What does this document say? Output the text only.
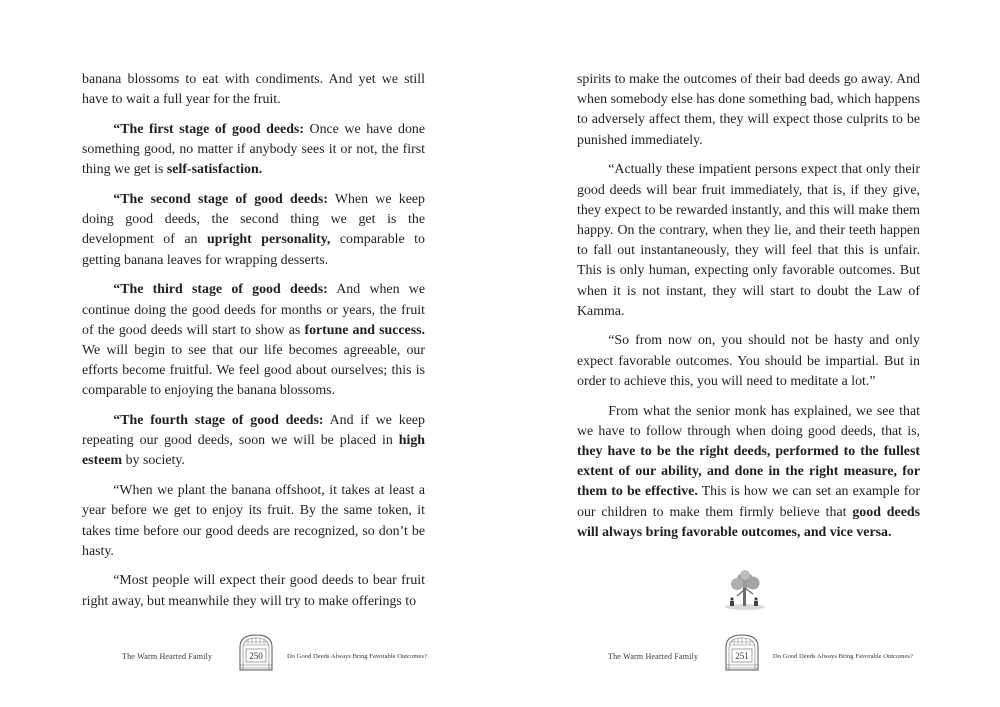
banana blossoms to eat with condiments. And yet we still have to wait a full year for the fruit.

“The first stage of good deeds: Once we have done something good, no matter if anybody sees it or not, the first thing we get is self-satisfaction.

“The second stage of good deeds: When we keep doing good deeds, the second thing we get is the development of an upright personality, comparable to getting banana leaves for wrapping desserts.

“The third stage of good deeds: And when we continue doing the good deeds for months or years, the fruit of the good deeds will start to show as fortune and success. We will begin to see that our life becomes agreeable, our efforts become fruitful. We feel good about ourselves; this is comparable to enjoying the banana blossoms.

“The fourth stage of good deeds: And if we keep repeating our good deeds, soon we will be placed in high esteem by society.

“When we plant the banana offshoot, it takes at least a year before we get to enjoy its fruit. By the same token, it takes time before our good deeds are recognized, so don’t be hasty.

“Most people will expect their good deeds to bear fruit right away, but meanwhile they will try to make offerings to

spirits to make the outcomes of their bad deeds go away. And when somebody else has done something bad, which happens to adversely affect them, they will expect those culprits to be punished immediately.

“Actually these impatient persons expect that only their good deeds will bear fruit immediately, that is, if they give, they expect to be rewarded instantly, and this will make them happy. On the contrary, when they lie, and their teeth happen to fall out instantaneously, they will feel that this is unfair. This is only human, expecting only favorable outcomes. But when it is not instant, they will start to doubt the Law of Kamma.

“So from now on, you should not be hasty and only expect favorable outcomes. You should be impartial. But in order to achieve this, you will need to meditate a lot.”

From what the senior monk has explained, we see that we have to follow through when doing good deeds, that is, they have to be the right deeds, performed to the fullest extent of our ability, and done in the right measure, for them to be effective. This is how we can set an example for our children to make them firmly believe that good deeds will always bring favorable outcomes, and vice versa.

The Warm Hearted Family	250	Do Good Deeds Always Bring Favorable Outcomes?	The Warm Hearted Family	251	Do Good Deeds Always Bring Favorable Outcomes?
